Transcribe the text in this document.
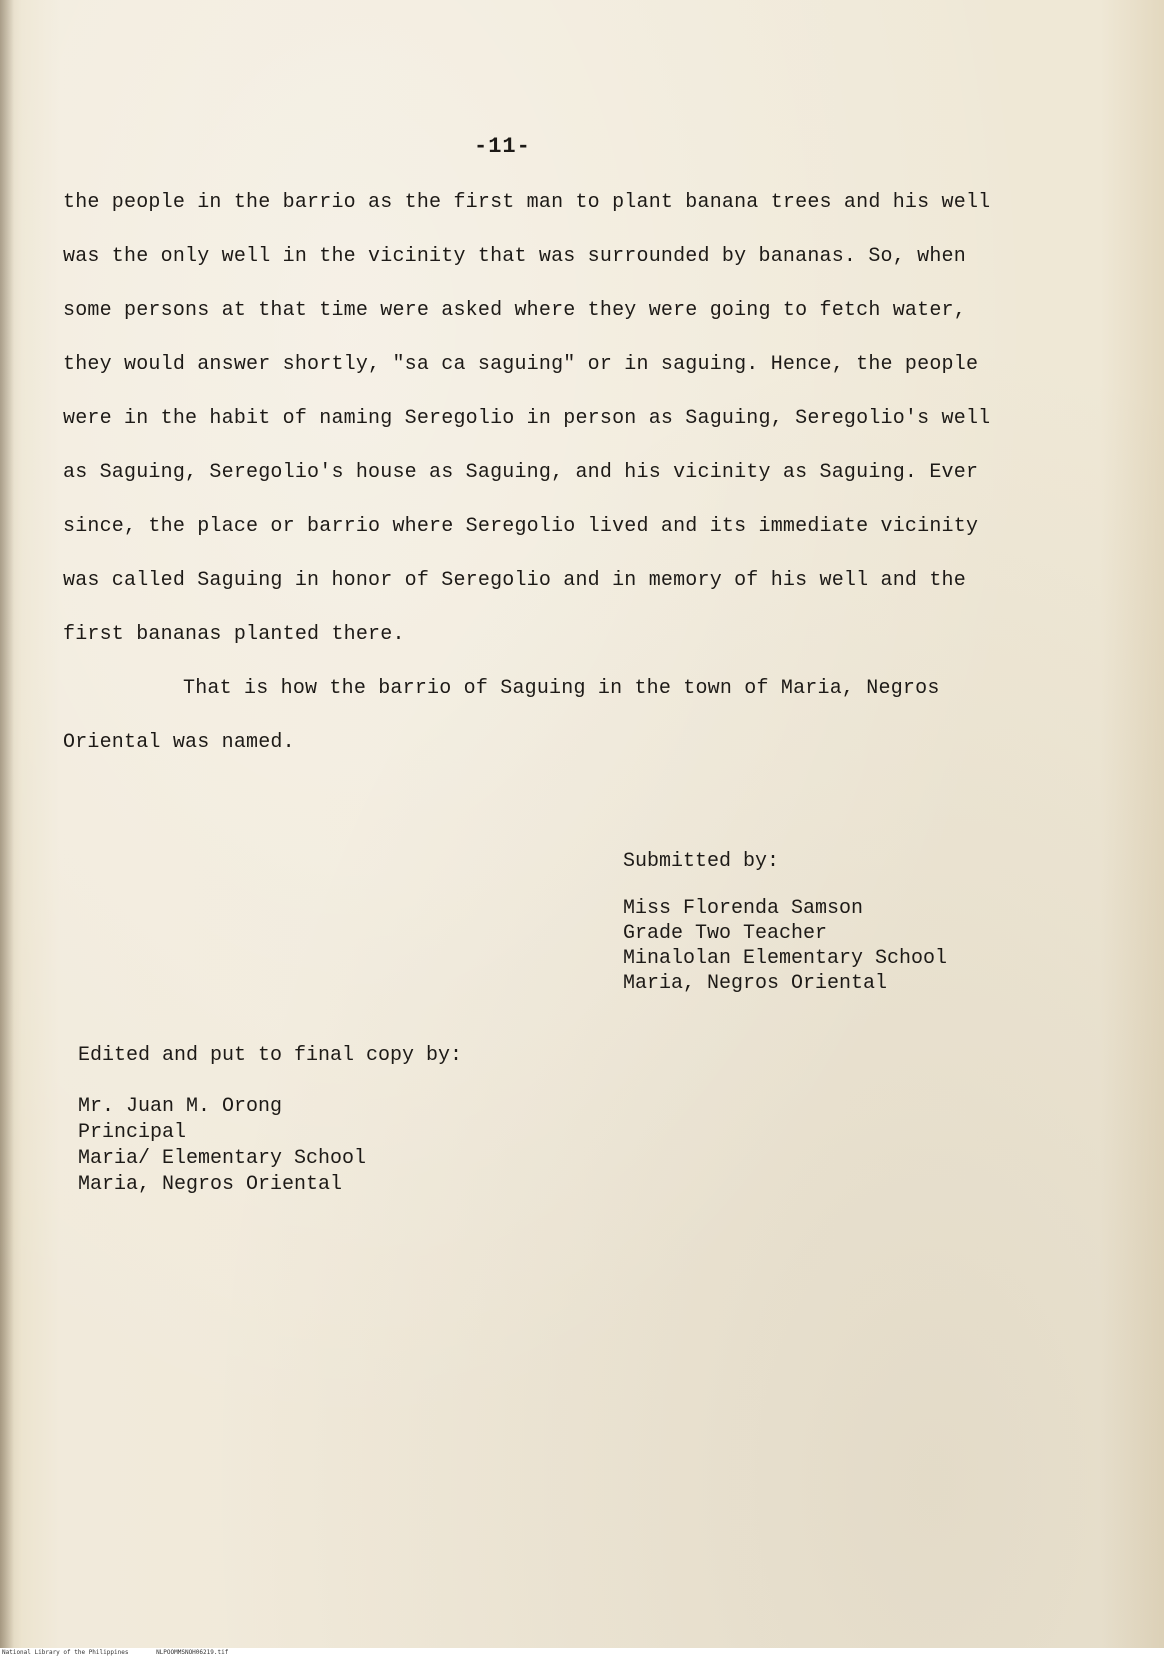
-11-
the people in the barrio as the first man to plant banana trees and his well
was the only well in the vicinity that was surrounded by bananas. So, when
some persons at that time were asked where they were going to fetch water,
they would answer shortly, "sa ca saguing" or in saguing. Hence, the people
were in the habit of naming Seregolio in person as Saguing, Seregolio's well
as Saguing, Seregolio's house as Saguing, and his vicinity as Saguing. Ever
since, the place or barrio where Seregolio lived and its immediate vicinity
was called Saguing in honor of Seregolio and in memory of his well and the
first bananas planted there.
That is how the barrio of Saguing in the town of Maria, Negros
Oriental was named.
Submitted by:
Miss Florenda Samson
Grade Two Teacher
Minalolan Elementary School
Maria, Negros Oriental
Edited and put to final copy by:
Mr. Juan M. Orong
Principal
Maria/ Elementary School
Maria, Negros Oriental
National Library of the Philippines	NLPOOMMSNOH06219.tif
